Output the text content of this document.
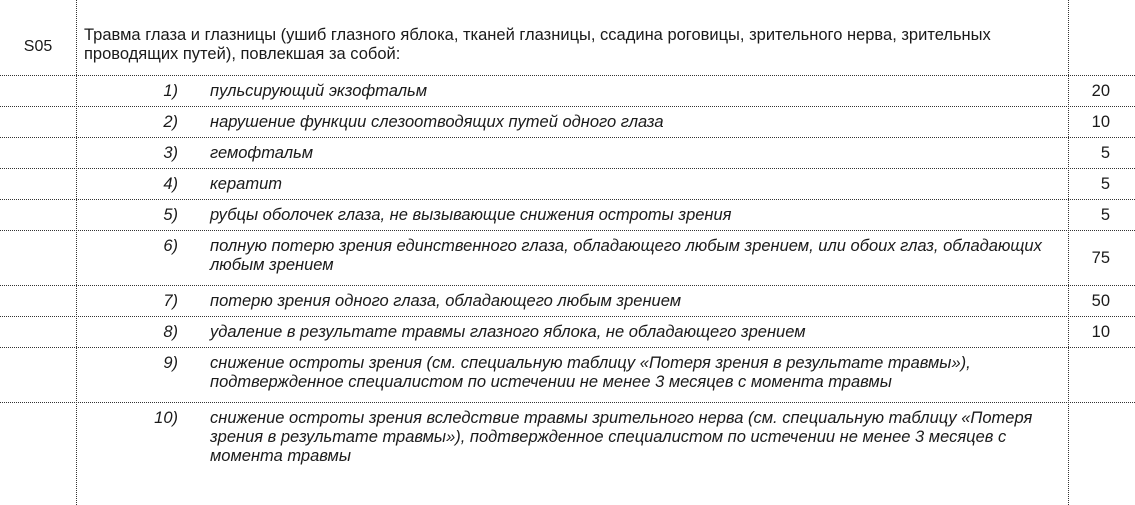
S05
Травма глаза и глазницы (ушиб глазного яблока, тканей глазницы, ссадина роговицы, зрительного нерва, зрительных проводящих путей), повлекшая за собой:
1) пульсирующий экзофтальм	20
2) нарушение функции слезоотводящих путей одного глаза	10
3) гемофтальм	5
4) кератит	5
5) рубцы оболочек глаза, не вызывающие снижения остроты зрения	5
6) полную потерю зрения единственного глаза, обладающего любым зрением, или обоих глаз, обладающих любым зрением	75
7) потерю зрения одного глаза, обладающего любым зрением	50
8) удаление в результате травмы глазного яблока, не обладающего зрением	10
9) снижение остроты зрения (см. специальную таблицу «Потеря зрения в результате травмы»), подтвержденное специалистом по истечении не менее 3 месяцев с момента травмы
10) снижение остроты зрения вследствие травмы зрительного нерва (см. специальную таблицу «Потеря зрения в результате травмы»), подтвержденное специалистом по истечении не менее 3 месяцев с момента травмы
